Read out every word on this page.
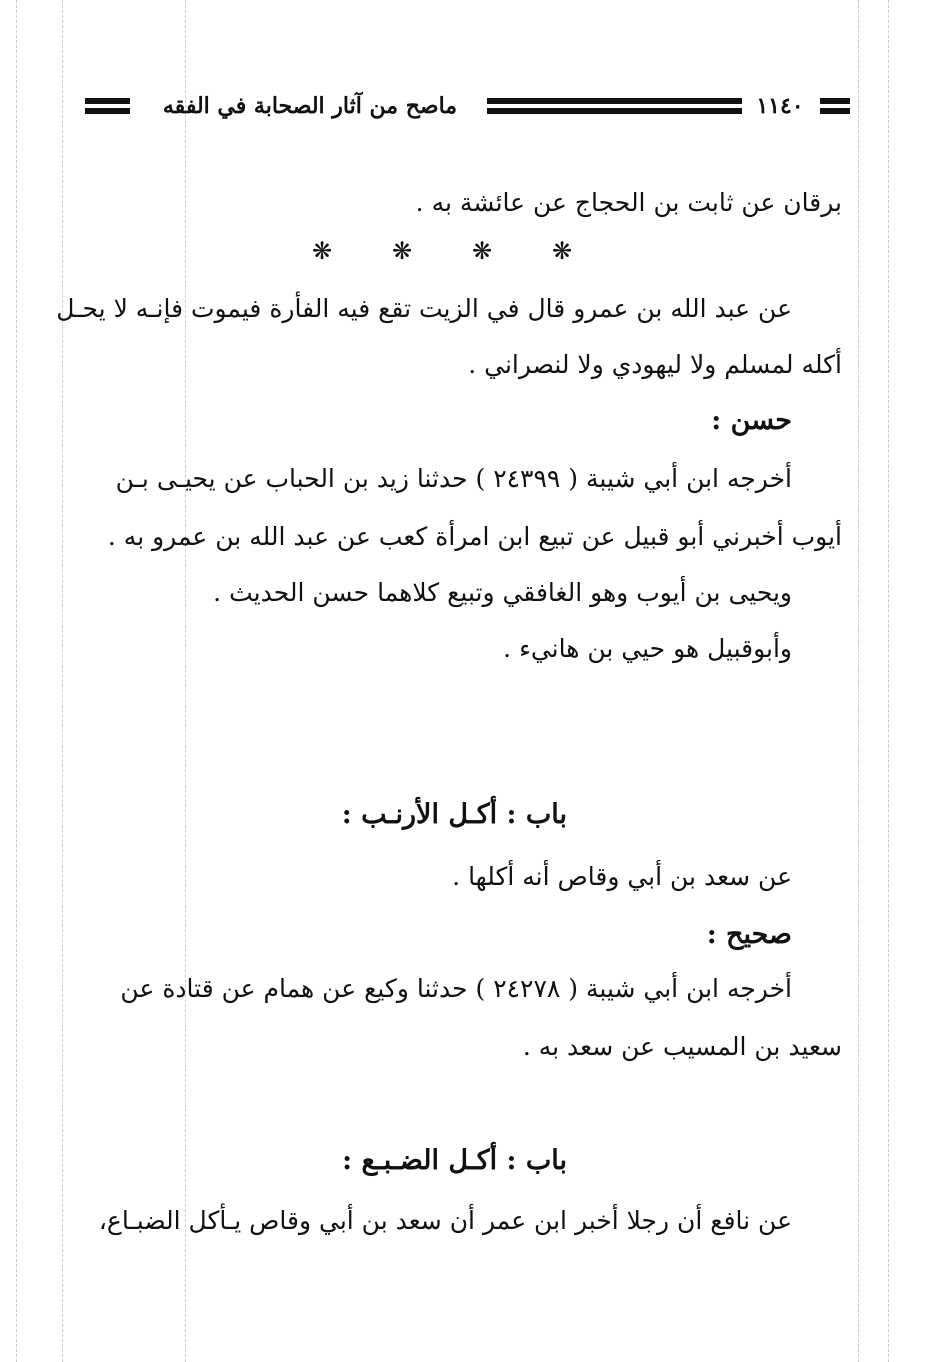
ماصح من آثار الصحابة في الفقه	١١٤٠
برقان عن ثابت بن الحجاج عن عائشة به .
❋ ❋ ❋ ❋
عن عبد الله بن عمرو قال في الزيت تقع فيه الفأرة فيموت فإنـه لا يحـل
أكله لمسلم ولا ليهودي ولا لنصراني .
حسن :
أخرجه ابن أبي شيبة ( ٢٤٣٩٩ ) حدثنا زيد بن الحباب عن يحيـى بـن
أيوب أخبرني أبو قبيل عن تبيع ابن امرأة كعب عن عبد الله بن عمرو به .
ويحيى بن أيوب وهو الغافقي وتبيع كلاهما حسن الحديث .
وأبوقبيل هو حيي بن هانيء .
باب : أكـل الأرنـب :
عن سعد بن أبي وقاص أنه أكلها .
صحيح :
أخرجه ابن أبي شيبة ( ٢٤٢٧٨ ) حدثنا وكيع عن همام عن قتادة عن
سعيد بن المسيب عن سعد به .
باب : أكـل الضـبـع :
عن نافع أن رجلا أخبر ابن عمر أن سعد بن أبي وقاص يـأكل الضبـاع،
